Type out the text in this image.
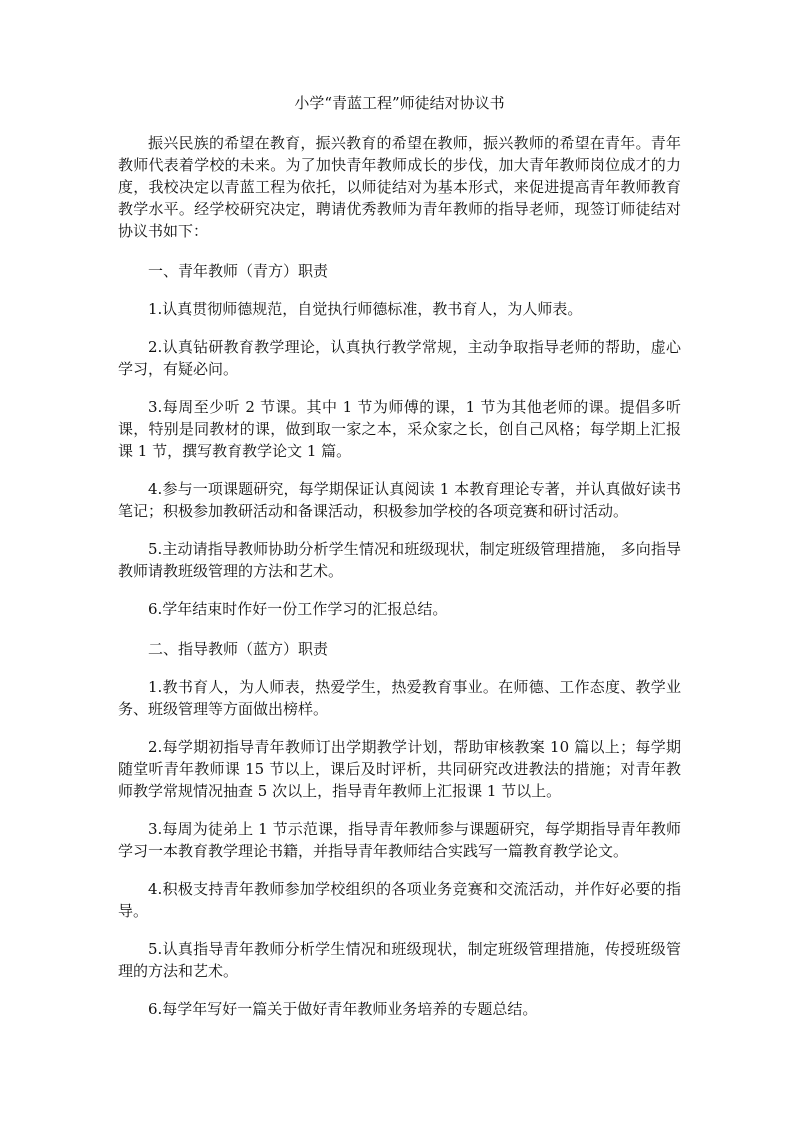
小学“青蓝工程”师徒结对协议书

振兴民族的希望在教育，振兴教育的希望在教师，振兴教师的希望在青年。青年教师代表着学校的未来。为了加快青年教师成长的步伐，加大青年教师岗位成才的力度，我校决定以青蓝工程为依托，以师徒结对为基本形式，来促进提高青年教师教育教学水平。经学校研究决定，聘请优秀教师为青年教师的指导老师，现签订师徒结对协议书如下：

一、青年教师（青方）职责

1.认真贯彻师德规范，自觉执行师德标准，教书育人，为人师表。

2.认真钻研教育教学理论，认真执行教学常规，主动争取指导老师的帮助，虚心学习，有疑必问。

3.每周至少听 2 节课。其中 1 节为师傅的课，1 节为其他老师的课。提倡多听课，特别是同教材的课，做到取一家之本，采众家之长，创自己风格；每学期上汇报课 1 节，撰写教育教学论文 1 篇。

4.参与一项课题研究，每学期保证认真阅读 1 本教育理论专著，并认真做好读书笔记；积极参加教研活动和备课活动，积极参加学校的各项竞赛和研讨活动。

5.主动请指导教师协助分析学生情况和班级现状，制定班级管理措施， 多向指导教师请教班级管理的方法和艺术。

6.学年结束时作好一份工作学习的汇报总结。

二、指导教师（蓝方）职责

1.教书育人，为人师表，热爱学生，热爱教育事业。在师德、工作态度、教学业务、班级管理等方面做出榜样。

2.每学期初指导青年教师订出学期教学计划，帮助审核教案 10 篇以上；每学期随堂听青年教师课 15 节以上，课后及时评析，共同研究改进教法的措施；对青年教师教学常规情况抽查 5 次以上，指导青年教师上汇报课 1 节以上。

3.每周为徒弟上 1 节示范课，指导青年教师参与课题研究，每学期指导青年教师学习一本教育教学理论书籍，并指导青年教师结合实践写一篇教育教学论文。

4.积极支持青年教师参加学校组织的各项业务竞赛和交流活动，并作好必要的指导。

5.认真指导青年教师分析学生情况和班级现状，制定班级管理措施，传授班级管理的方法和艺术。

6.每学年写好一篇关于做好青年教师业务培养的专题总结。
